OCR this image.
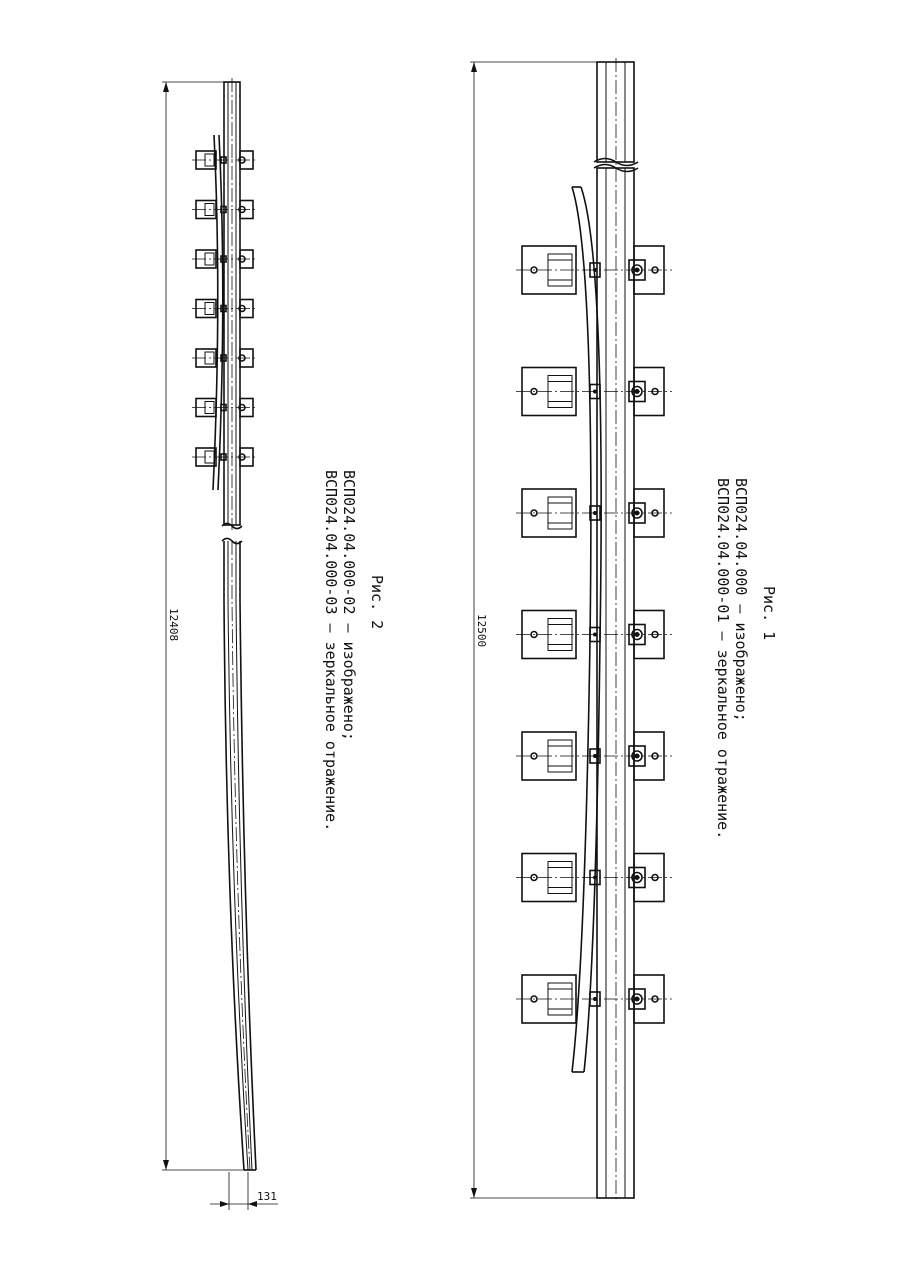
12408
131
Рис. 2
ВСП024.04.000-02 – изображено;
ВСП024.04.000-03 – зеркальное отражение.	12500	Рис. 1
ВСП024.04.000 – изображено;
ВСП024.04.000-01 – зеркальное отражение.
